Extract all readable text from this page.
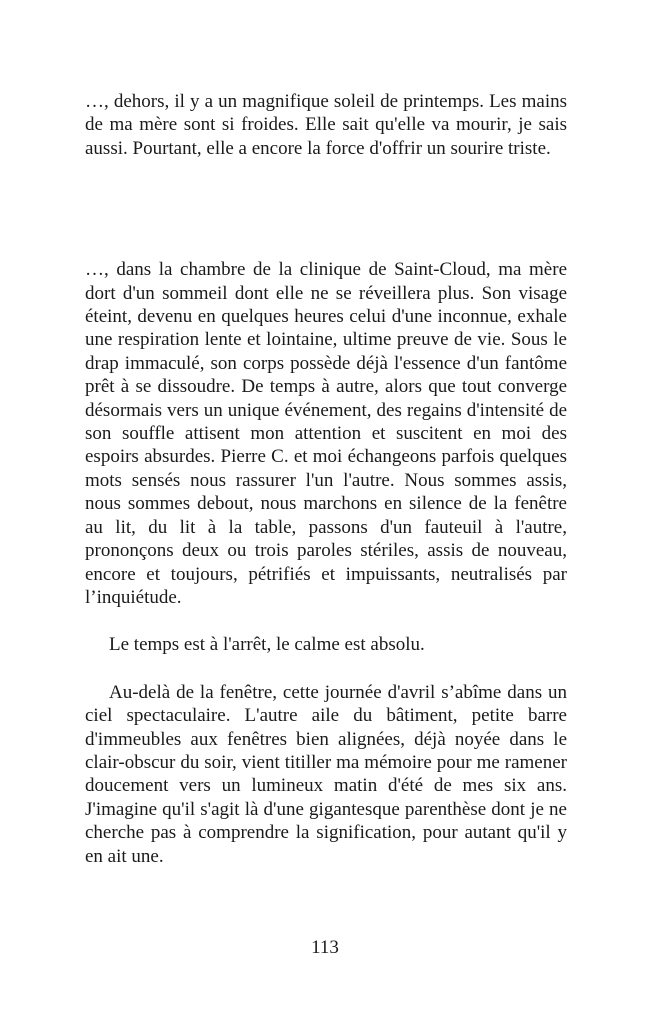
…, dehors, il y a un magnifique soleil de printemps. Les mains de ma mère sont si froides. Elle sait qu'elle va mourir, je sais aussi. Pourtant, elle a encore la force d'offrir un sourire triste.

…, dans la chambre de la clinique de Saint-Cloud, ma mère dort d'un sommeil dont elle ne se réveillera plus. Son visage éteint, devenu en quelques heures celui d'une inconnue, exhale une respiration lente et lointaine, ultime preuve de vie. Sous le drap immaculé, son corps possède déjà l'essence d'un fantôme prêt à se dissoudre. De temps à autre, alors que tout converge désormais vers un unique événement, des regains d'intensité de son souffle attisent mon attention et suscitent en moi des espoirs absurdes. Pierre C. et moi échangeons parfois quelques mots sensés nous rassurer l'un l'autre. Nous sommes assis, nous sommes debout, nous marchons en silence de la fenêtre au lit, du lit à la table, passons d'un fauteuil à l'autre, prononçons deux ou trois paroles stériles, assis de nouveau, encore et toujours, pétrifiés et impuissants, neutralisés par l’inquiétude.

Le temps est à l'arrêt, le calme est absolu.

Au-delà de la fenêtre, cette journée d'avril s’abîme dans un ciel spectaculaire. L'autre aile du bâtiment, petite barre d'immeubles aux fenêtres bien alignées, déjà noyée dans le clair-obscur du soir, vient titiller ma mémoire pour me ramener doucement vers un lumineux matin d'été de mes six ans. J'imagine qu'il s'agit là d'une gigantesque parenthèse dont je ne cherche pas à comprendre la signification, pour autant qu'il y en ait une.

113
